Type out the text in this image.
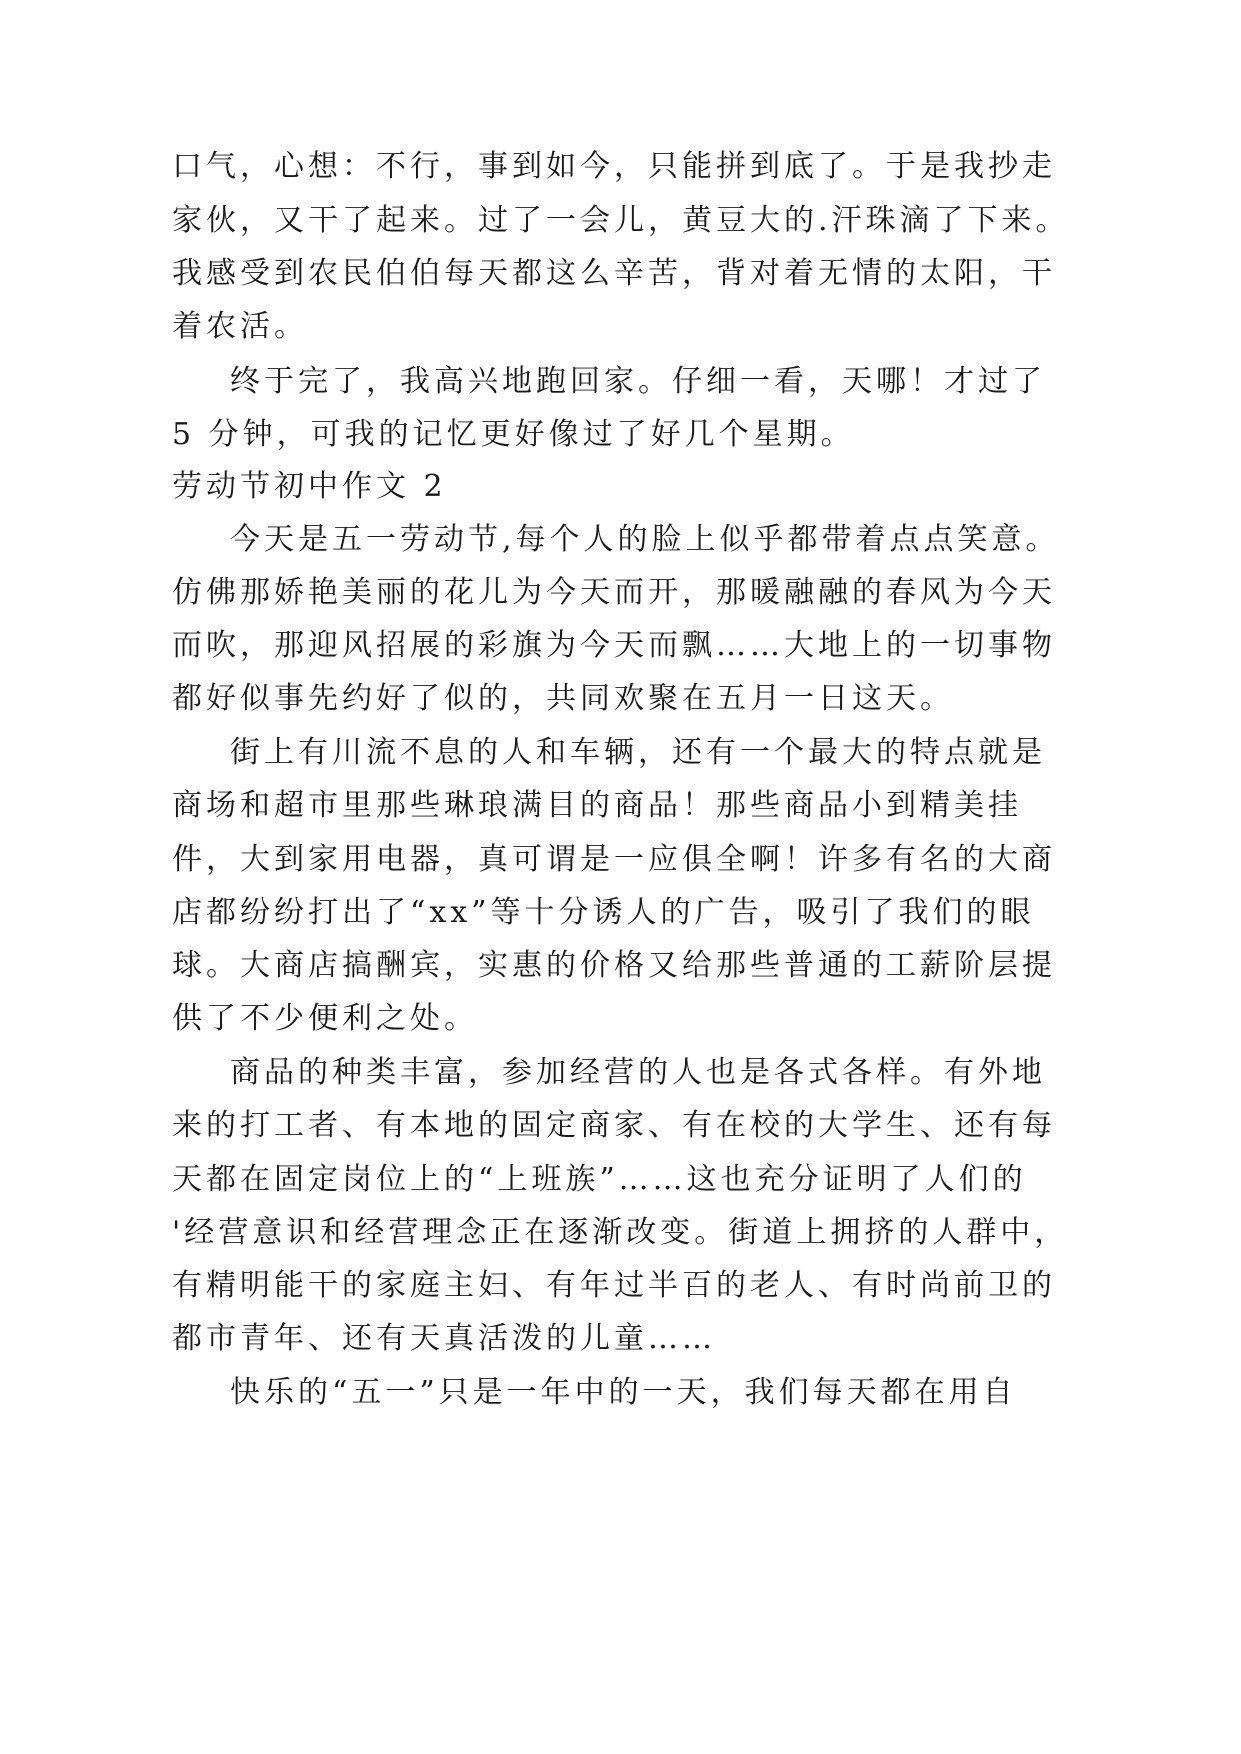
口气，心想：不行，事到如今，只能拼到底了。于是我抄走
家伙，又干了起来。过了一会儿，黄豆大的.汗珠滴了下来。
我感受到农民伯伯每天都这么辛苦，背对着无情的太阳，干
着农活。
终于完了，我高兴地跑回家。仔细一看，天哪！才过了
5 分钟，可我的记忆更好像过了好几个星期。
劳动节初中作文 2
今天是五一劳动节,每个人的脸上似乎都带着点点笑意。
仿佛那娇艳美丽的花儿为今天而开，那暖融融的春风为今天
而吹，那迎风招展的彩旗为今天而飘……大地上的一切事物
都好似事先约好了似的，共同欢聚在五月一日这天。
街上有川流不息的人和车辆，还有一个最大的特点就是
商场和超市里那些琳琅满目的商品！那些商品小到精美挂
件，大到家用电器，真可谓是一应俱全啊！许多有名的大商
店都纷纷打出了“xx”等十分诱人的广告，吸引了我们的眼
球。大商店搞酬宾，实惠的价格又给那些普通的工薪阶层提
供了不少便利之处。
商品的种类丰富，参加经营的人也是各式各样。有外地
来的打工者、有本地的固定商家、有在校的大学生、还有每
天都在固定岗位上的“上班族”……这也充分证明了人们的
'经营意识和经营理念正在逐渐改变。街道上拥挤的人群中，
有精明能干的家庭主妇、有年过半百的老人、有时尚前卫的
都市青年、还有天真活泼的儿童……
快乐的“五一”只是一年中的一天，我们每天都在用自
